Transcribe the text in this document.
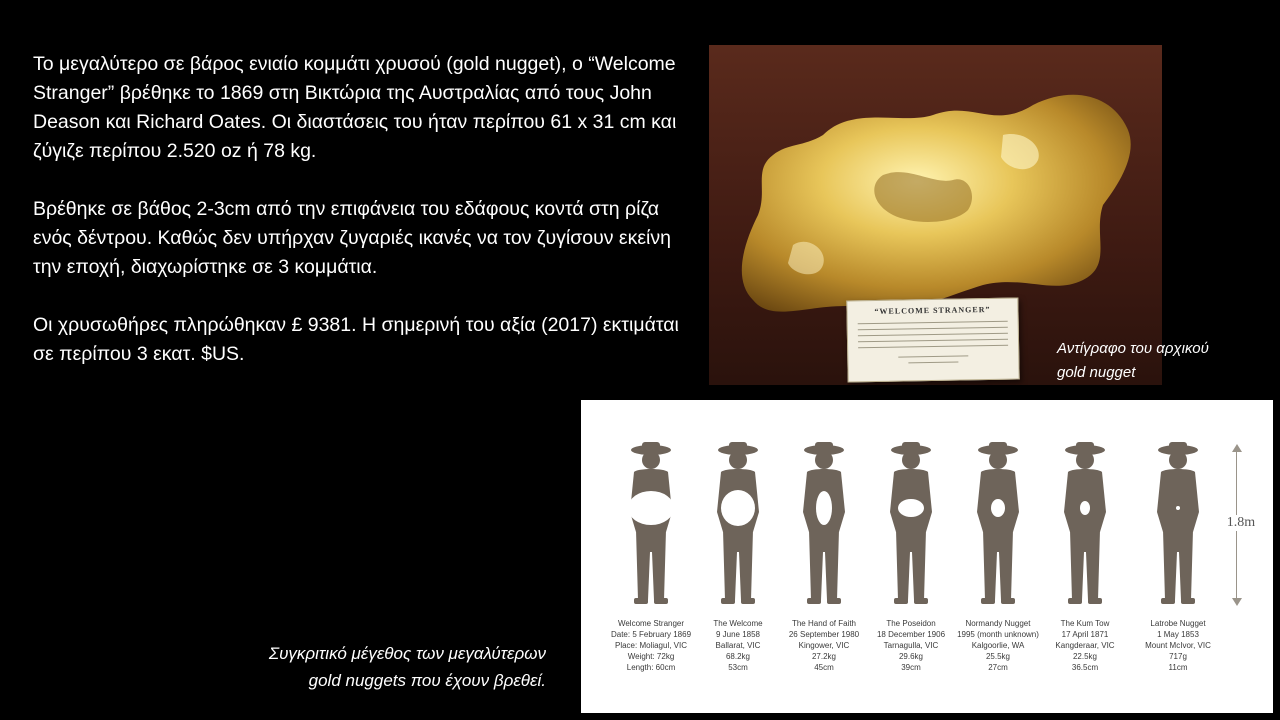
Το μεγαλύτερο σε βάρος ενιαίο κομμάτι χρυσού (gold nugget), ο “Welcome Stranger” βρέθηκε το 1869 στη Βικτώρια της Αυστραλίας από τους John Deason και Richard Oates. Οι διαστάσεις του ήταν περίπου 61 x 31 cm και ζύγιζε περίπου 2.520 oz ή 78 kg.

Βρέθηκε σε βάθος 2-3cm από την επιφάνεια του εδάφους κοντά στη ρίζα ενός δέντρου. Καθώς δεν υπήρχαν ζυγαριές ικανές να τον ζυγίσουν εκείνη την εποχή, διαχωρίστηκε σε 3 κομμάτια.

Οι χρυσωθήρες πληρώθηκαν £ 9381. Η σημερινή του αξία (2017) εκτιμάται σε περίπου 3 εκατ. $US.

“WELCOME STRANGER”
Αντίγραφο του αρχικού
gold nugget
1.8m
Welcome Stranger
Date: 5 February 1869
Place: Moliagul, VIC
Weight: 72kg
Length: 60cm
The Welcome
9 June 1858
Ballarat, VIC
68.2kg
53cm
The Hand of Faith
26 September 1980
Kingower, VIC
27.2kg
45cm
The Poseidon
18 December 1906
Tarnagulla, VIC
29.6kg
39cm
Normandy Nugget
1995 (month unknown)
Kalgoorlie, WA
25.5kg
27cm
The Kum Tow
17 April 1871
Kangderaar, VIC
22.5kg
36.5cm
Latrobe Nugget
1 May 1853
Mount McIvor, VIC
717g
11cm
Συγκριτικό μέγεθος των μεγαλύτερων
gold nuggets που έχουν βρεθεί.
